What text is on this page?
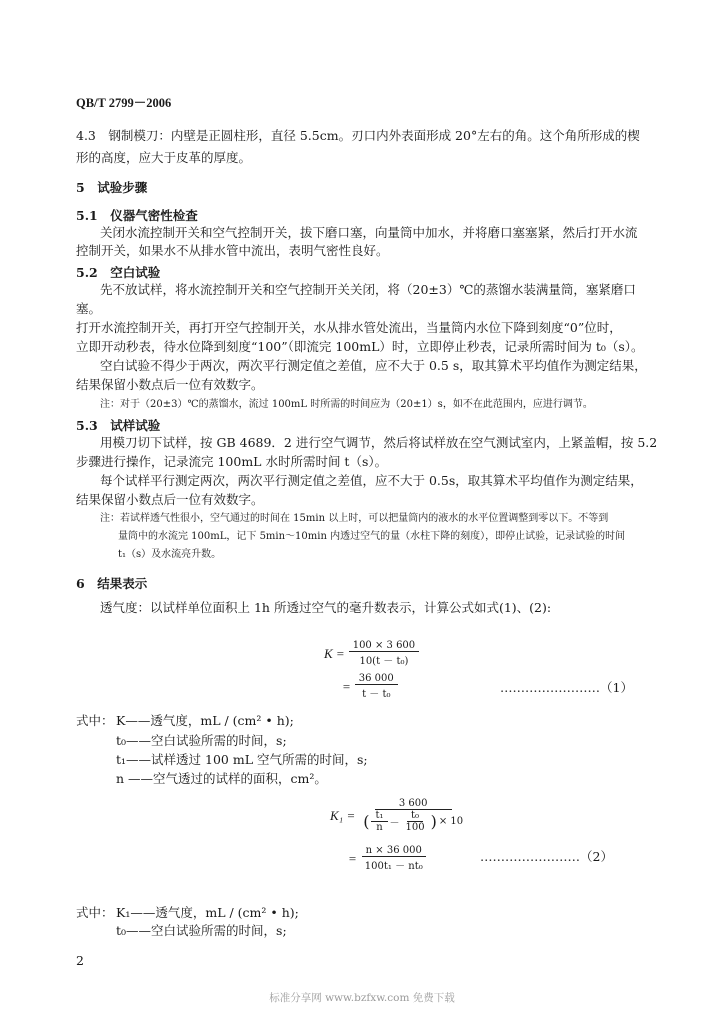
QB/T 2799－2006
4.3　钢制模刀：内壁是正圆柱形，直径 5.5cm。刃口内外表面形成 20°左右的角。这个角所形成的楔
形的高度，应大于皮革的厚度。
5　试验步骤
5.1　仪器气密性检查
关闭水流控制开关和空气控制开关，拔下磨口塞，向量筒中加水，并将磨口塞塞紧，然后打开水流
控制开关，如果水不从排水管中流出，表明气密性良好。
5.2　空白试验
先不放试样，将水流控制开关和空气控制开关关闭，将（20±3）℃的蒸馏水装满量筒，塞紧磨口
塞。
打开水流控制开关，再打开空气控制开关，水从排水管处流出，当量筒内水位下降到刻度“0”位时，
立即开动秒表，待水位降到刻度“100”（即流完 100mL）时，立即停止秒表，记录所需时间为 t₀（s）。
空白试验不得少于两次，两次平行测定值之差值，应不大于 0.5 s，取其算术平均值作为测定结果，
结果保留小数点后一位有效数字。
注：对于（20±3）℃的蒸馏水，流过 100mL 时所需的时间应为（20±1）s，如不在此范围内，应进行调节。
5.3　试样试验
用模刀切下试样，按 GB 4689．2 进行空气调节，然后将试样放在空气测试室内，上紧盖帽，按 5.2
步骤进行操作，记录流完 100mL 水时所需时间 t（s）。
每个试样平行测定两次，两次平行测定值之差值，应不大于 0.5s，取其算术平均值作为测定结果，
结果保留小数点后一位有效数字。
注：若试样透气性很小，空气通过的时间在 15min 以上时，可以把量筒内的液水的水平位置调整到零以下。不等到
量筒中的水流完 100mL，记下 5min～10min 内透过空气的量（水柱下降的刻度），即停止试验，记录试验的时间
t₁（s）及水流亮升数。
6　结果表示
透气度：以试样单位面积上 1h 所透过空气的毫升数表示，计算公式如式(1)、(2):
$K = \frac{100 \times 3 600}{\text{10(t － t₀)}}$
= $\frac{36 000}{\text{t － t₀}}$	……………………（1）
式中： K——透气度，mL / (cm² • h);
t₀——空白试验所需的时间，s;
t₁——试样透过 100 mL 空气所需的时间，s;
n ——空气透过的试样的面积，cm²。
K₁ =
3 600
( $\frac{\text{t₁}}{n} - \frac{\text{t₀}}{100}$ ) × 10
= $\frac{n \times 36 000}{\text{100t₁ － nt₀}}$	……………………（2）
式中： K₁——透气度，mL / (cm² • h);
t₀——空白试验所需的时间，s;
2
标准分享网 www.bzfxw.com 免费下载
